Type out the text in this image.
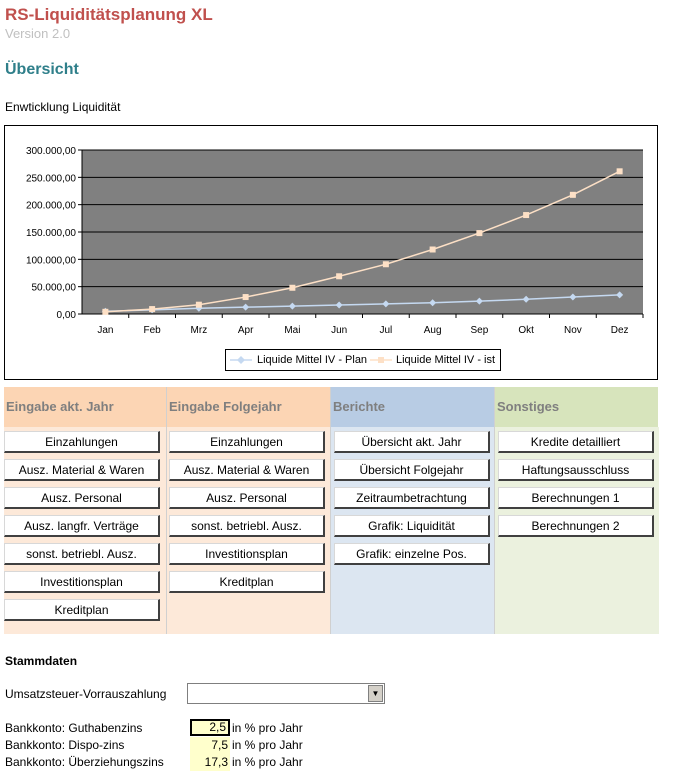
RS-Liquiditätsplanung XL
Version 2.0
Übersicht
Enwticklung Liquidität
0,00
50.000,00
100.000,00
150.000,00
200.000,00
250.000,00
300.000,00
Jan	Feb	Mrz	Apr	Mai	Jun	Jul	Aug	Sep	Okt	Nov	Dez
Liquide Mittel IV - Plan	Liquide Mittel IV - ist
Eingabe akt. Jahr
Einzahlungen
Ausz. Material & Waren
Ausz. Personal
Ausz. langfr. Verträge
sonst. betriebl. Ausz.
Investitionsplan
Kreditplan
Eingabe Folgejahr
Einzahlungen
Ausz. Material & Waren
Ausz. Personal
sonst. betriebl. Ausz.
Investitionsplan
Kreditplan
Berichte
Übersicht akt. Jahr
Übersicht Folgejahr
Zeitraumbetrachtung
Grafik: Liquidität
Grafik: einzelne Pos.
Sonstiges
Kredite detailliert
Haftungsausschluss
Berechnungen 1
Berechnungen 2
Stammdaten
Umsatzsteuer-Vorrauszahlung	▼
Bankkonto: Guthabenzins	2,5 in % pro Jahr
Bankkonto: Dispo-zins	7,5 in % pro Jahr
Bankkonto: Überziehungszins	17,3 in % pro Jahr
